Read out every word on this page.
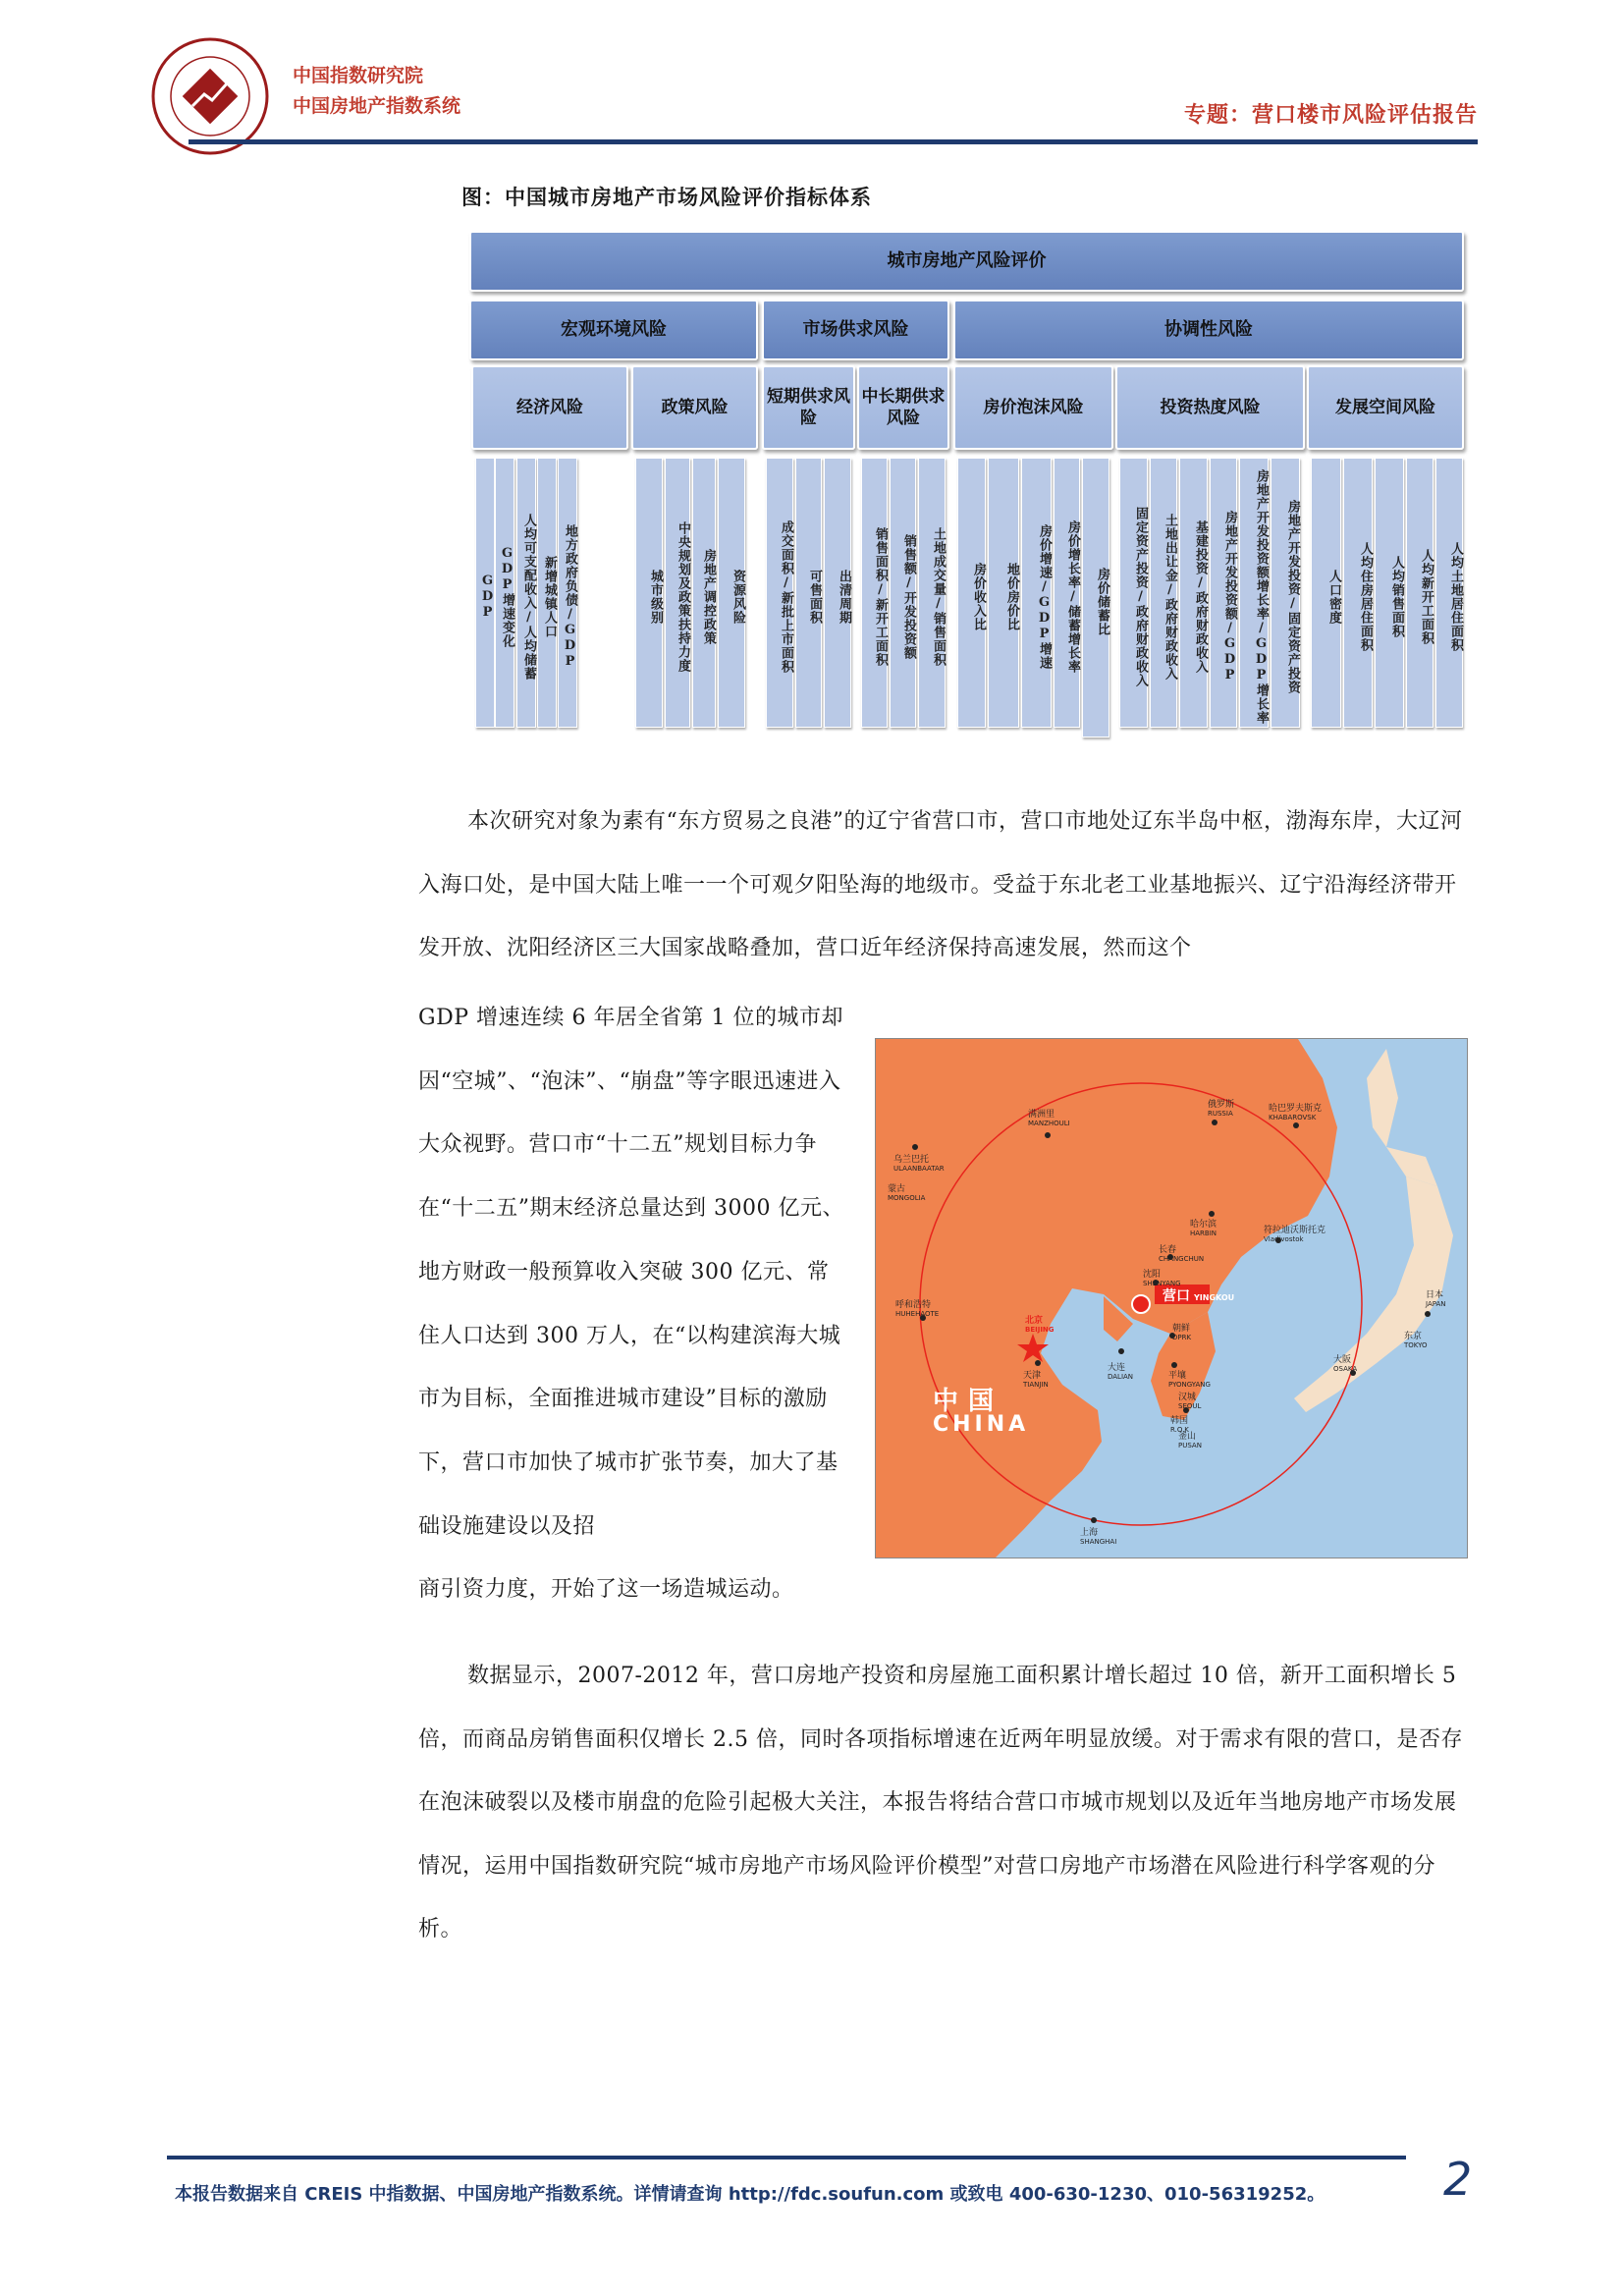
中国指数研究院
中国房地产指数系统	专题：营口楼市风险评估报告
图：中国城市房地产市场风险评价指标体系
城市房地产风险评价
宏观环境风险	市场供求风险	协调性风险
经济风险	政策风险
短期供求风险
中长期供求风险
房价泡沫风险	投资热度风险	发展空间风险
GDP GDP增速变化 人均可支配收入/人均储蓄 新增城镇人口 地方政府负债/GDP	城市级别	中央规划及政策扶持力度 房地产调控政策	资源风险	成交面积/新批上市面积	可售面积	出清周期	销售面积/新开工面积	销售额/开发投资额	土地成交量/销售面积	房价收入比	地价房价比	房价增速/GDP增速	房价增长率/储蓄增长率	房价储蓄比	固定资产投资/政府财政收入	土地出让金/政府财政收入	基建投资/政府财政收入	房地产开发投资额/GDP	房地产开发投资额增长率/GDP增长率	房地产开发投资/固定资产投资	人口密度	人均住房居住面积	人均销售面积	人均新开工面积	人均土地居住面积
本次研究对象为素有“东方贸易之良港”的辽宁省营口市，营口市地处辽东半岛中枢，渤海东岸，大辽河入海口处，是中国大陆上唯一一个可观夕阳坠海的地级市。受益于东北老工业基地振兴、辽宁沿海经济带开发开放、沈阳经济区三大国家战略叠加，营口近年经济保持高速发展，然而这个
GDP 增速连续 6 年居全省第 1 位的城市却因“空城”、“泡沫”、“崩盘”等字眼迅速进入大众视野。营口市“十二五”规划目标力争在“十二五”期末经济总量达到 3000 亿元、地方财政一般预算收入突破 300 亿元、常住人口达到 300 万人，在“以构建滨海大城市为目标，全面推进城市建设”目标的激励下，营口市加快了城市扩张节奏，加大了基础设施建设以及招
商引资力度，开始了这一场造城运动。
俄罗斯
RUSSIA
哈巴罗夫斯克
KHABAROVSK
满洲里
MANZHOULI
乌兰巴托
ULAANBAATAR
蒙古
MONGOLIA
哈尔滨
HARBIN	符拉迪沃斯托克
Vladivostok
长春
CHANGCHUN
沈阳
SHENYANG
营口 YINGKOU
呼和浩特
HUHEHAOTE
北京
BEIJING
天津
TIANJIN
大连
DALIAN
朝鲜
DPRK
平壤
PYONGYANG
汉城
SEOUL
韩国
R.O.K
釜山
PUSAN
日本
JAPAN
东京
TOKYO
大阪
OSAKA
上海
SHANGHAI
中国
CHINA
数据显示，2007-2012 年，营口房地产投资和房屋施工面积累计增长超过 10 倍，新开工面积增长 5 倍，而商品房销售面积仅增长 2.5 倍，同时各项指标增速在近两年明显放缓。对于需求有限的营口，是否存在泡沫破裂以及楼市崩盘的危险引起极大关注，本报告将结合营口市城市规划以及近年当地房地产市场发展情况，运用中国指数研究院“城市房地产市场风险评价模型”对营口房地产市场潜在风险进行科学客观的分析。
本报告数据来自 CREIS 中指数据、中国房地产指数系统。详情请查询 http://fdc.soufun.com 或致电 400-630-1230、010-56319252。	2
